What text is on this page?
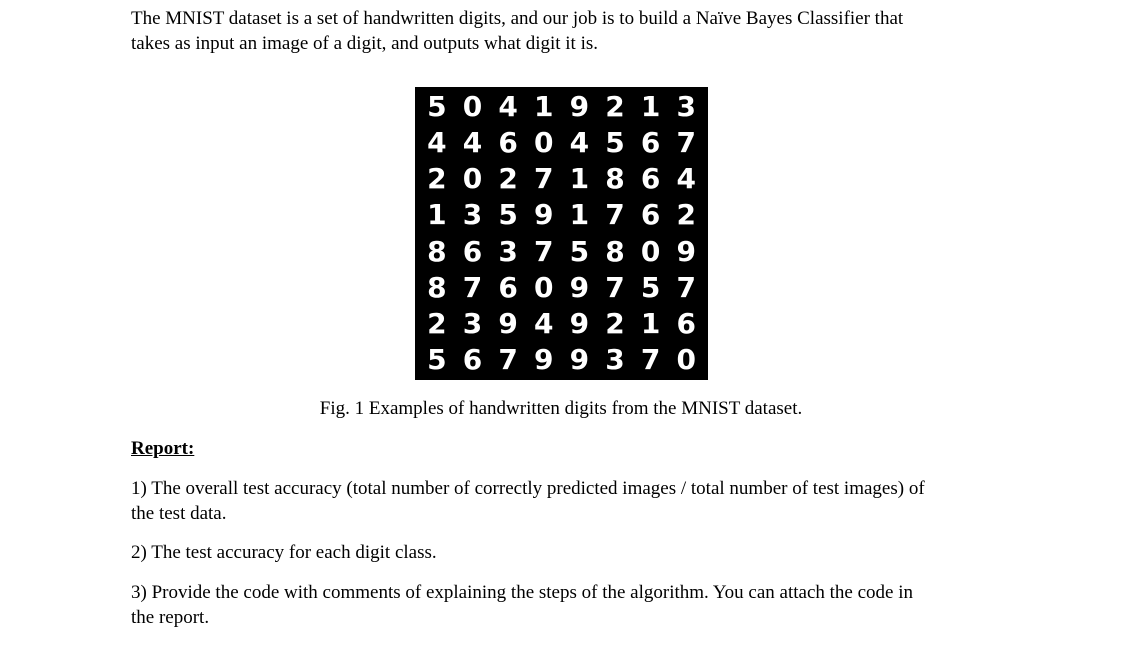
The MNIST dataset is a set of handwritten digits, and our job is to build a Naïve Bayes Classifier that
takes as input an image of a digit, and outputs what digit it is.

5 0 4 1 9 2 1 3
4 4 6 0 4 5 6 7
2 0 2 7 1 8 6 4
1 3 5 9 1 7 6 2
8 6 3 7 5 8 0 9
8 7 6 0 9 7 5 7
2 3 9 4 9 2 1 6
5 6 7 9 9 3 7 0

Fig. 1 Examples of handwritten digits from the MNIST dataset.

Report:

1) The overall test accuracy (total number of correctly predicted images / total number of test images) of
the test data.

2) The test accuracy for each digit class.

3) Provide the code with comments of explaining the steps of the algorithm. You can attach the code in
the report.
